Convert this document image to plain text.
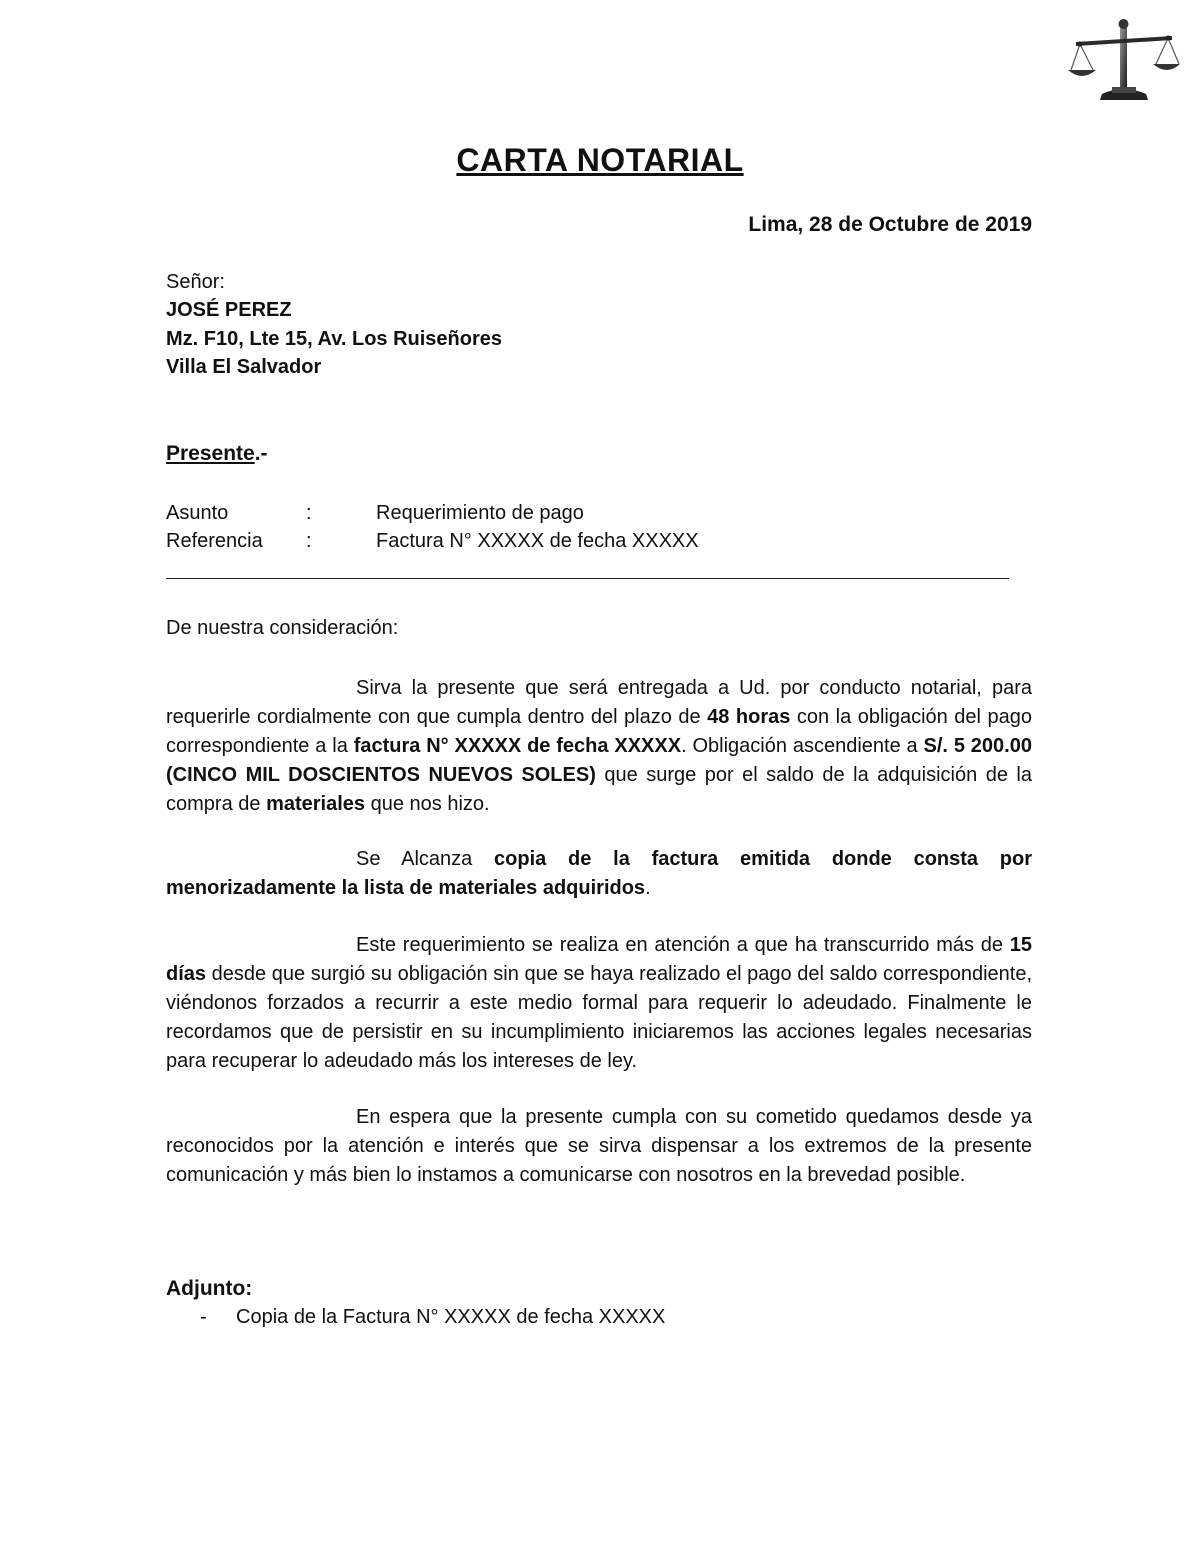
CARTA NOTARIAL
Lima, 28 de Octubre de 2019
Señor:
JOSÉ PEREZ
Mz. F10, Lte 15, Av. Los Ruiseñores
Villa El Salvador
Presente.-
Asunto	:	Requerimiento de pago
Referencia :	Factura N° XXXXX de fecha XXXXX
De nuestra consideración:
Sirva la presente que será entregada a Ud. por conducto notarial, para requerirle cordialmente con que cumpla dentro del plazo de 48 horas con la obligación del pago correspondiente a la factura N° XXXXX de fecha XXXXX. Obligación ascendiente a S/. 5 200.00 (CINCO MIL DOSCIENTOS NUEVOS SOLES) que surge por el saldo de la adquisición de la compra de materiales que nos hizo.
Se Alcanza copia de la factura emitida donde consta por menorizadamente la lista de materiales adquiridos.
Este requerimiento se realiza en atención a que ha transcurrido más de 15 días desde que surgió su obligación sin que se haya realizado el pago del saldo correspondiente, viéndonos forzados a recurrir a este medio formal para requerir lo adeudado. Finalmente le recordamos que de persistir en su incumplimiento iniciaremos las acciones legales necesarias para recuperar lo adeudado más los intereses de ley.
En espera que la presente cumpla con su cometido quedamos desde ya reconocidos por la atención e interés que se sirva dispensar a los extremos de la presente comunicación y más bien lo instamos a comunicarse con nosotros en la brevedad posible.
Adjunto:
- Copia de la Factura N° XXXXX de fecha XXXXX
